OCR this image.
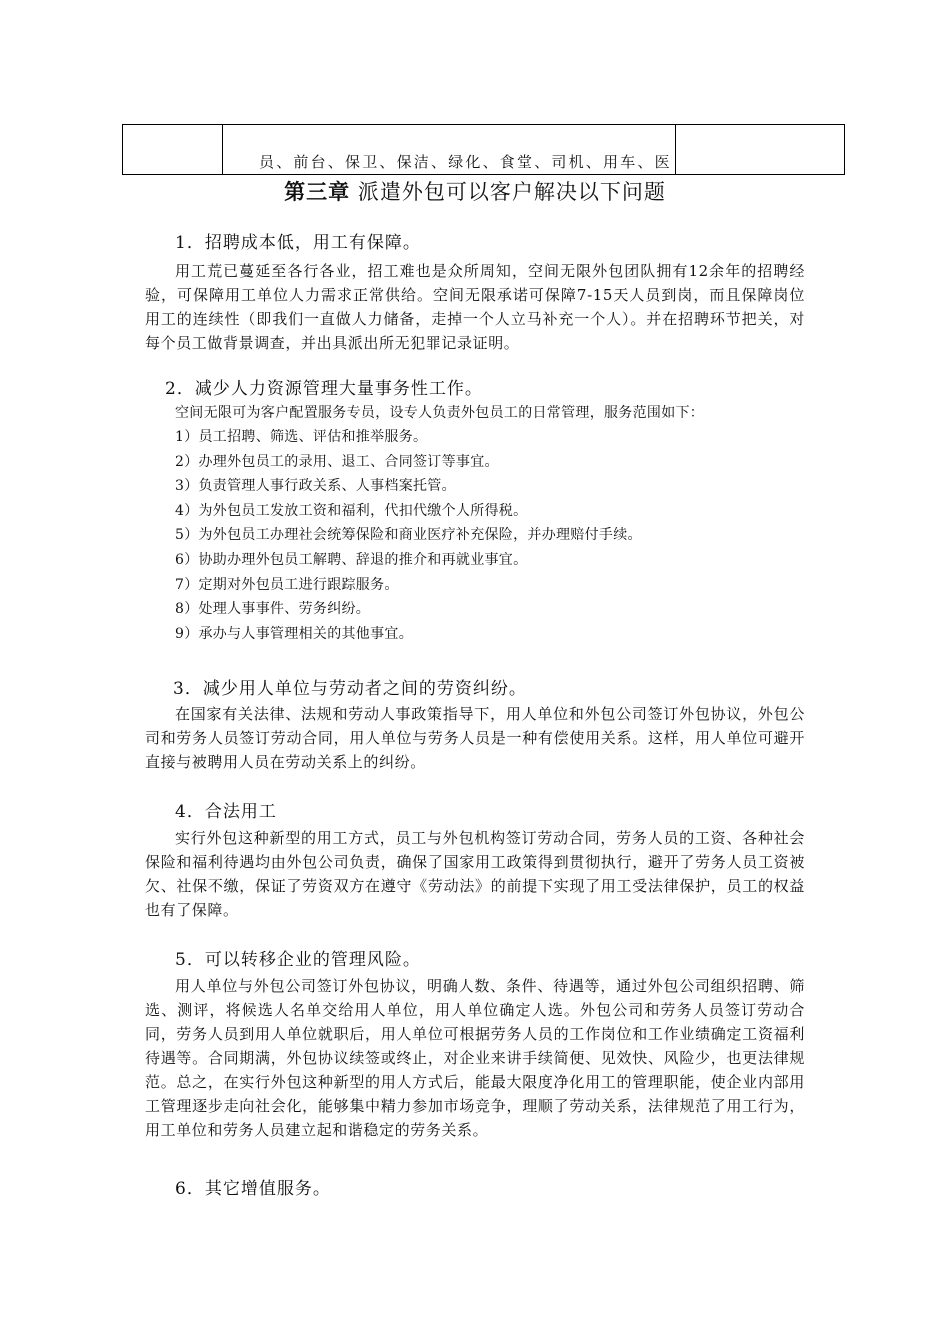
员、前台、保卫、保洁、绿化、食堂、司机、用车、医
第三章 派遣外包可以客户解决以下问题
1．招聘成本低，用工有保障。

用工荒已蔓延至各行各业，招工难也是众所周知，空间无限外包团队拥有12余年的招聘经验，可保障用工单位人力需求正常供给。空间无限承诺可保障7-15天人员到岗，而且保障岗位用工的连续性（即我们一直做人力储备，走掉一个人立马补充一个人）。并在招聘环节把关，对每个员工做背景调查，并出具派出所无犯罪记录证明。

2．减少人力资源管理大量事务性工作。
空间无限可为客户配置服务专员，设专人负责外包员工的日常管理，服务范围如下：
1）员工招聘、筛选、评估和推举服务。
2）办理外包员工的录用、退工、合同签订等事宜。
3）负责管理人事行政关系、人事档案托管。
4）为外包员工发放工资和福利，代扣代缴个人所得税。
5）为外包员工办理社会统筹保险和商业医疗补充保险，并办理赔付手续。
6）协助办理外包员工解聘、辞退的推介和再就业事宜。
7）定期对外包员工进行跟踪服务。
8）处理人事事件、劳务纠纷。
9）承办与人事管理相关的其他事宜。
3．减少用人单位与劳动者之间的劳资纠纷。

在国家有关法律、法规和劳动人事政策指导下，用人单位和外包公司签订外包协议，外包公司和劳务人员签订劳动合同，用人单位与劳务人员是一种有偿使用关系。这样，用人单位可避开直接与被聘用人员在劳动关系上的纠纷。

4．合法用工

实行外包这种新型的用工方式，员工与外包机构签订劳动合同，劳务人员的工资、各种社会保险和福利待遇均由外包公司负责，确保了国家用工政策得到贯彻执行，避开了劳务人员工资被欠、社保不缴，保证了劳资双方在遵守《劳动法》的前提下实现了用工受法律保护，员工的权益也有了保障。

5．可以转移企业的管理风险。

用人单位与外包公司签订外包协议，明确人数、条件、待遇等，通过外包公司组织招聘、筛选、测评，将候选人名单交给用人单位，用人单位确定人选。外包公司和劳务人员签订劳动合同，劳务人员到用人单位就职后，用人单位可根据劳务人员的工作岗位和工作业绩确定工资福利待遇等。合同期满，外包协议续签或终止，对企业来讲手续简便、见效快、风险少，也更法律规范。总之，在实行外包这种新型的用人方式后，能最大限度净化用工的管理职能，使企业内部用工管理逐步走向社会化，能够集中精力参加市场竞争，理顺了劳动关系，法律规范了用工行为，用工单位和劳务人员建立起和谐稳定的劳务关系。

6．其它增值服务。
